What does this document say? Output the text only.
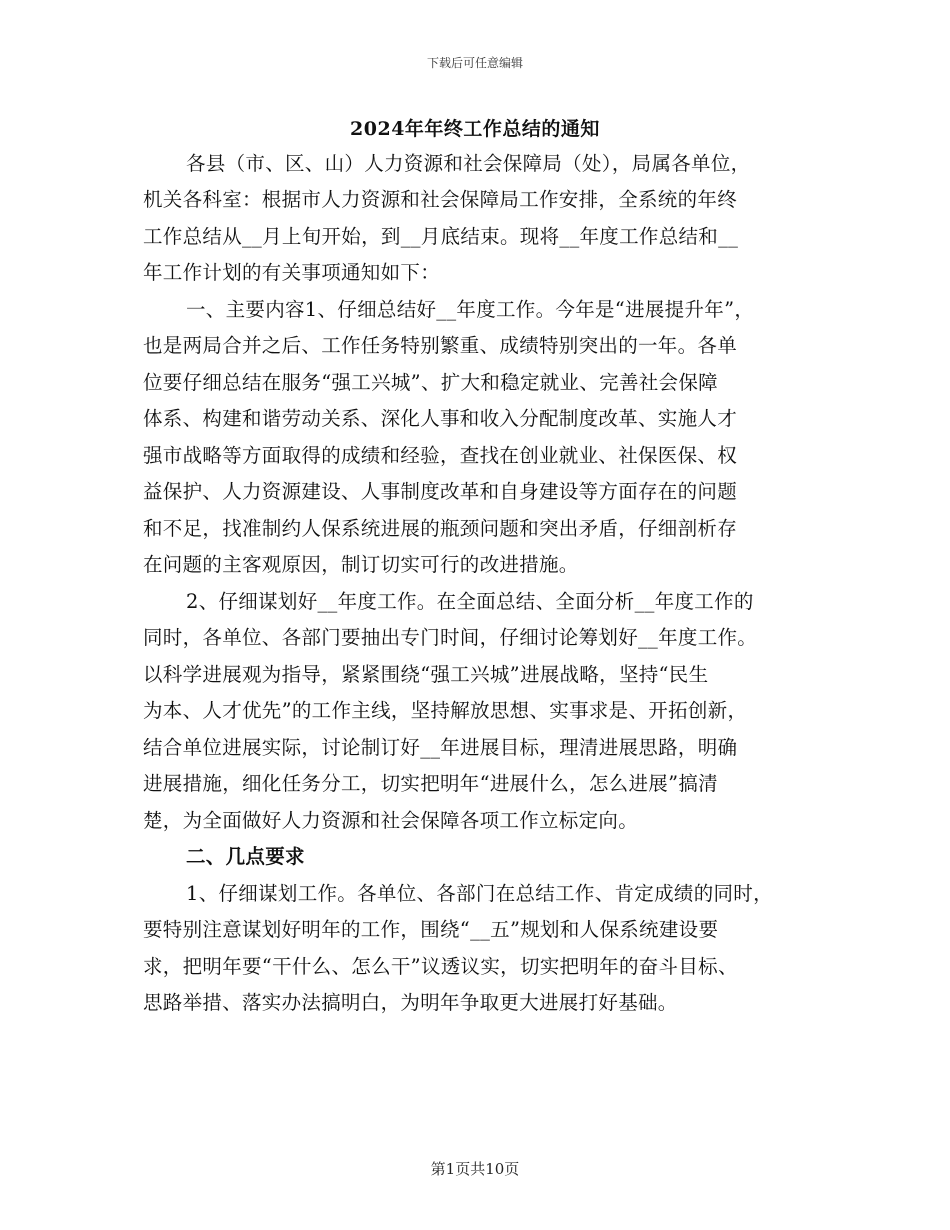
下载后可任意编辑
2024年年终工作总结的通知
各县（市、区、山）人力资源和社会保障局（处），局属各单位，
机关各科室：根据市人力资源和社会保障局工作安排，全系统的年终
工作总结从__月上旬开始，到__月底结束。现将__年度工作总结和__
年工作计划的有关事项通知如下：
一、主要内容1、仔细总结好__年度工作。今年是“进展提升年”，
也是两局合并之后、工作任务特别繁重、成绩特别突出的一年。各单
位要仔细总结在服务“强工兴城”、扩大和稳定就业、完善社会保障
体系、构建和谐劳动关系、深化人事和收入分配制度改革、实施人才
强市战略等方面取得的成绩和经验，查找在创业就业、社保医保、权
益保护、人力资源建设、人事制度改革和自身建设等方面存在的问题
和不足，找准制约人保系统进展的瓶颈问题和突出矛盾，仔细剖析存
在问题的主客观原因，制订切实可行的改进措施。
2、仔细谋划好__年度工作。在全面总结、全面分析__年度工作的
同时，各单位、各部门要抽出专门时间，仔细讨论筹划好__年度工作。
以科学进展观为指导，紧紧围绕“强工兴城”进展战略，坚持“民生
为本、人才优先”的工作主线，坚持解放思想、实事求是、开拓创新，
结合单位进展实际，讨论制订好__年进展目标，理清进展思路，明确
进展措施，细化任务分工，切实把明年“进展什么，怎么进展”搞清
楚，为全面做好人力资源和社会保障各项工作立标定向。
二、几点要求
1、仔细谋划工作。各单位、各部门在总结工作、肯定成绩的同时，
要特别注意谋划好明年的工作，围绕“__五”规划和人保系统建设要
求，把明年要“干什么、怎么干”议透议实，切实把明年的奋斗目标、
思路举措、落实办法搞明白，为明年争取更大进展打好基础。
第1页共10页
